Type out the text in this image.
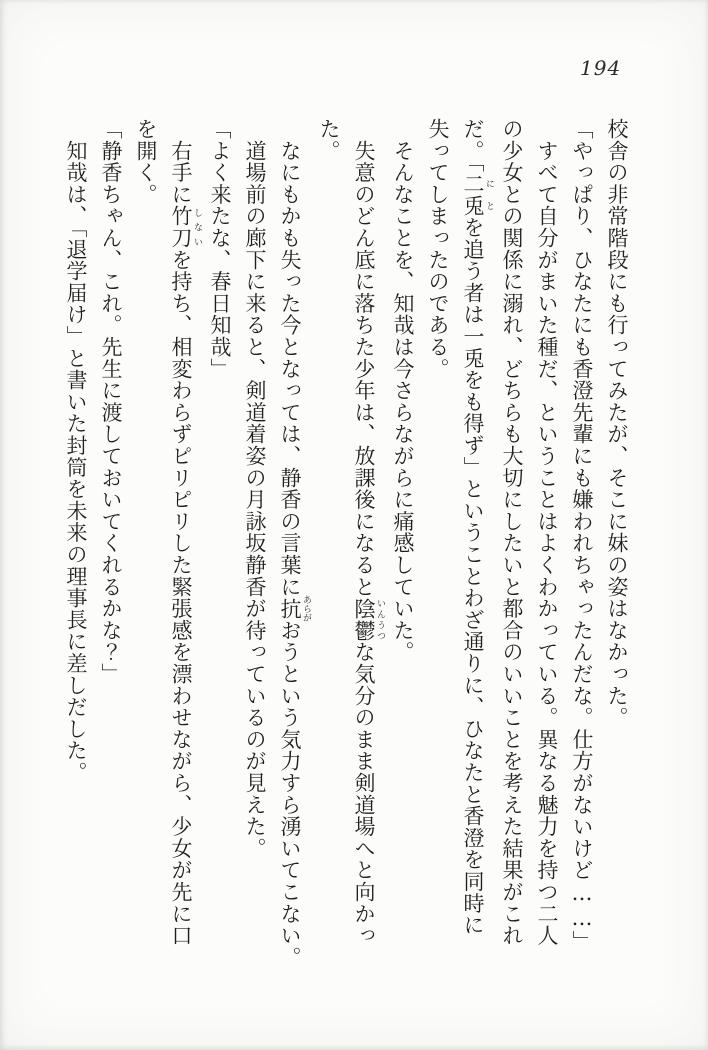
194

校舎の非常階段にも行ってみたが、そこに妹の姿はなかった。

「やっぱり、ひなたにも香澄先輩にも嫌われちゃったんだな。仕方がないけど……」

　すべて自分がまいた種だ、ということはよくわかっている。異なる魅力を持つ二人

の少女との関係に溺れ、どちらも大切にしたいと都合のいいことを考えた結果がこれ

だ。「二兎 にとを追う者は一兎をも得ず」ということわざ通りに、ひなたと香澄を同時に

失ってしまったのである。

　そんなことを、知哉は今さらながらに痛感していた。

　失意のどん底に落ちた少年は、放課後になると陰鬱 いんうつな気分のまま剣道場へと向かっ

た。

　なにもかも失った今となっては、静香の言葉に抗 あらがおうという気力すら湧いてこない。

　道場前の廊下に来ると、剣道着姿の月詠坂静香が待っているのが見えた。

「よく来たな、春日知哉」

　右手に竹刀 しないを持ち、相変わらずピリピリした緊張感を漂わせながら、少女が先に口

を開く。

「静香ちゃん、これ。先生に渡しておいてくれるかな？」

　知哉は、「退学届け」と書いた封筒を未来の理事長に差しだした。
